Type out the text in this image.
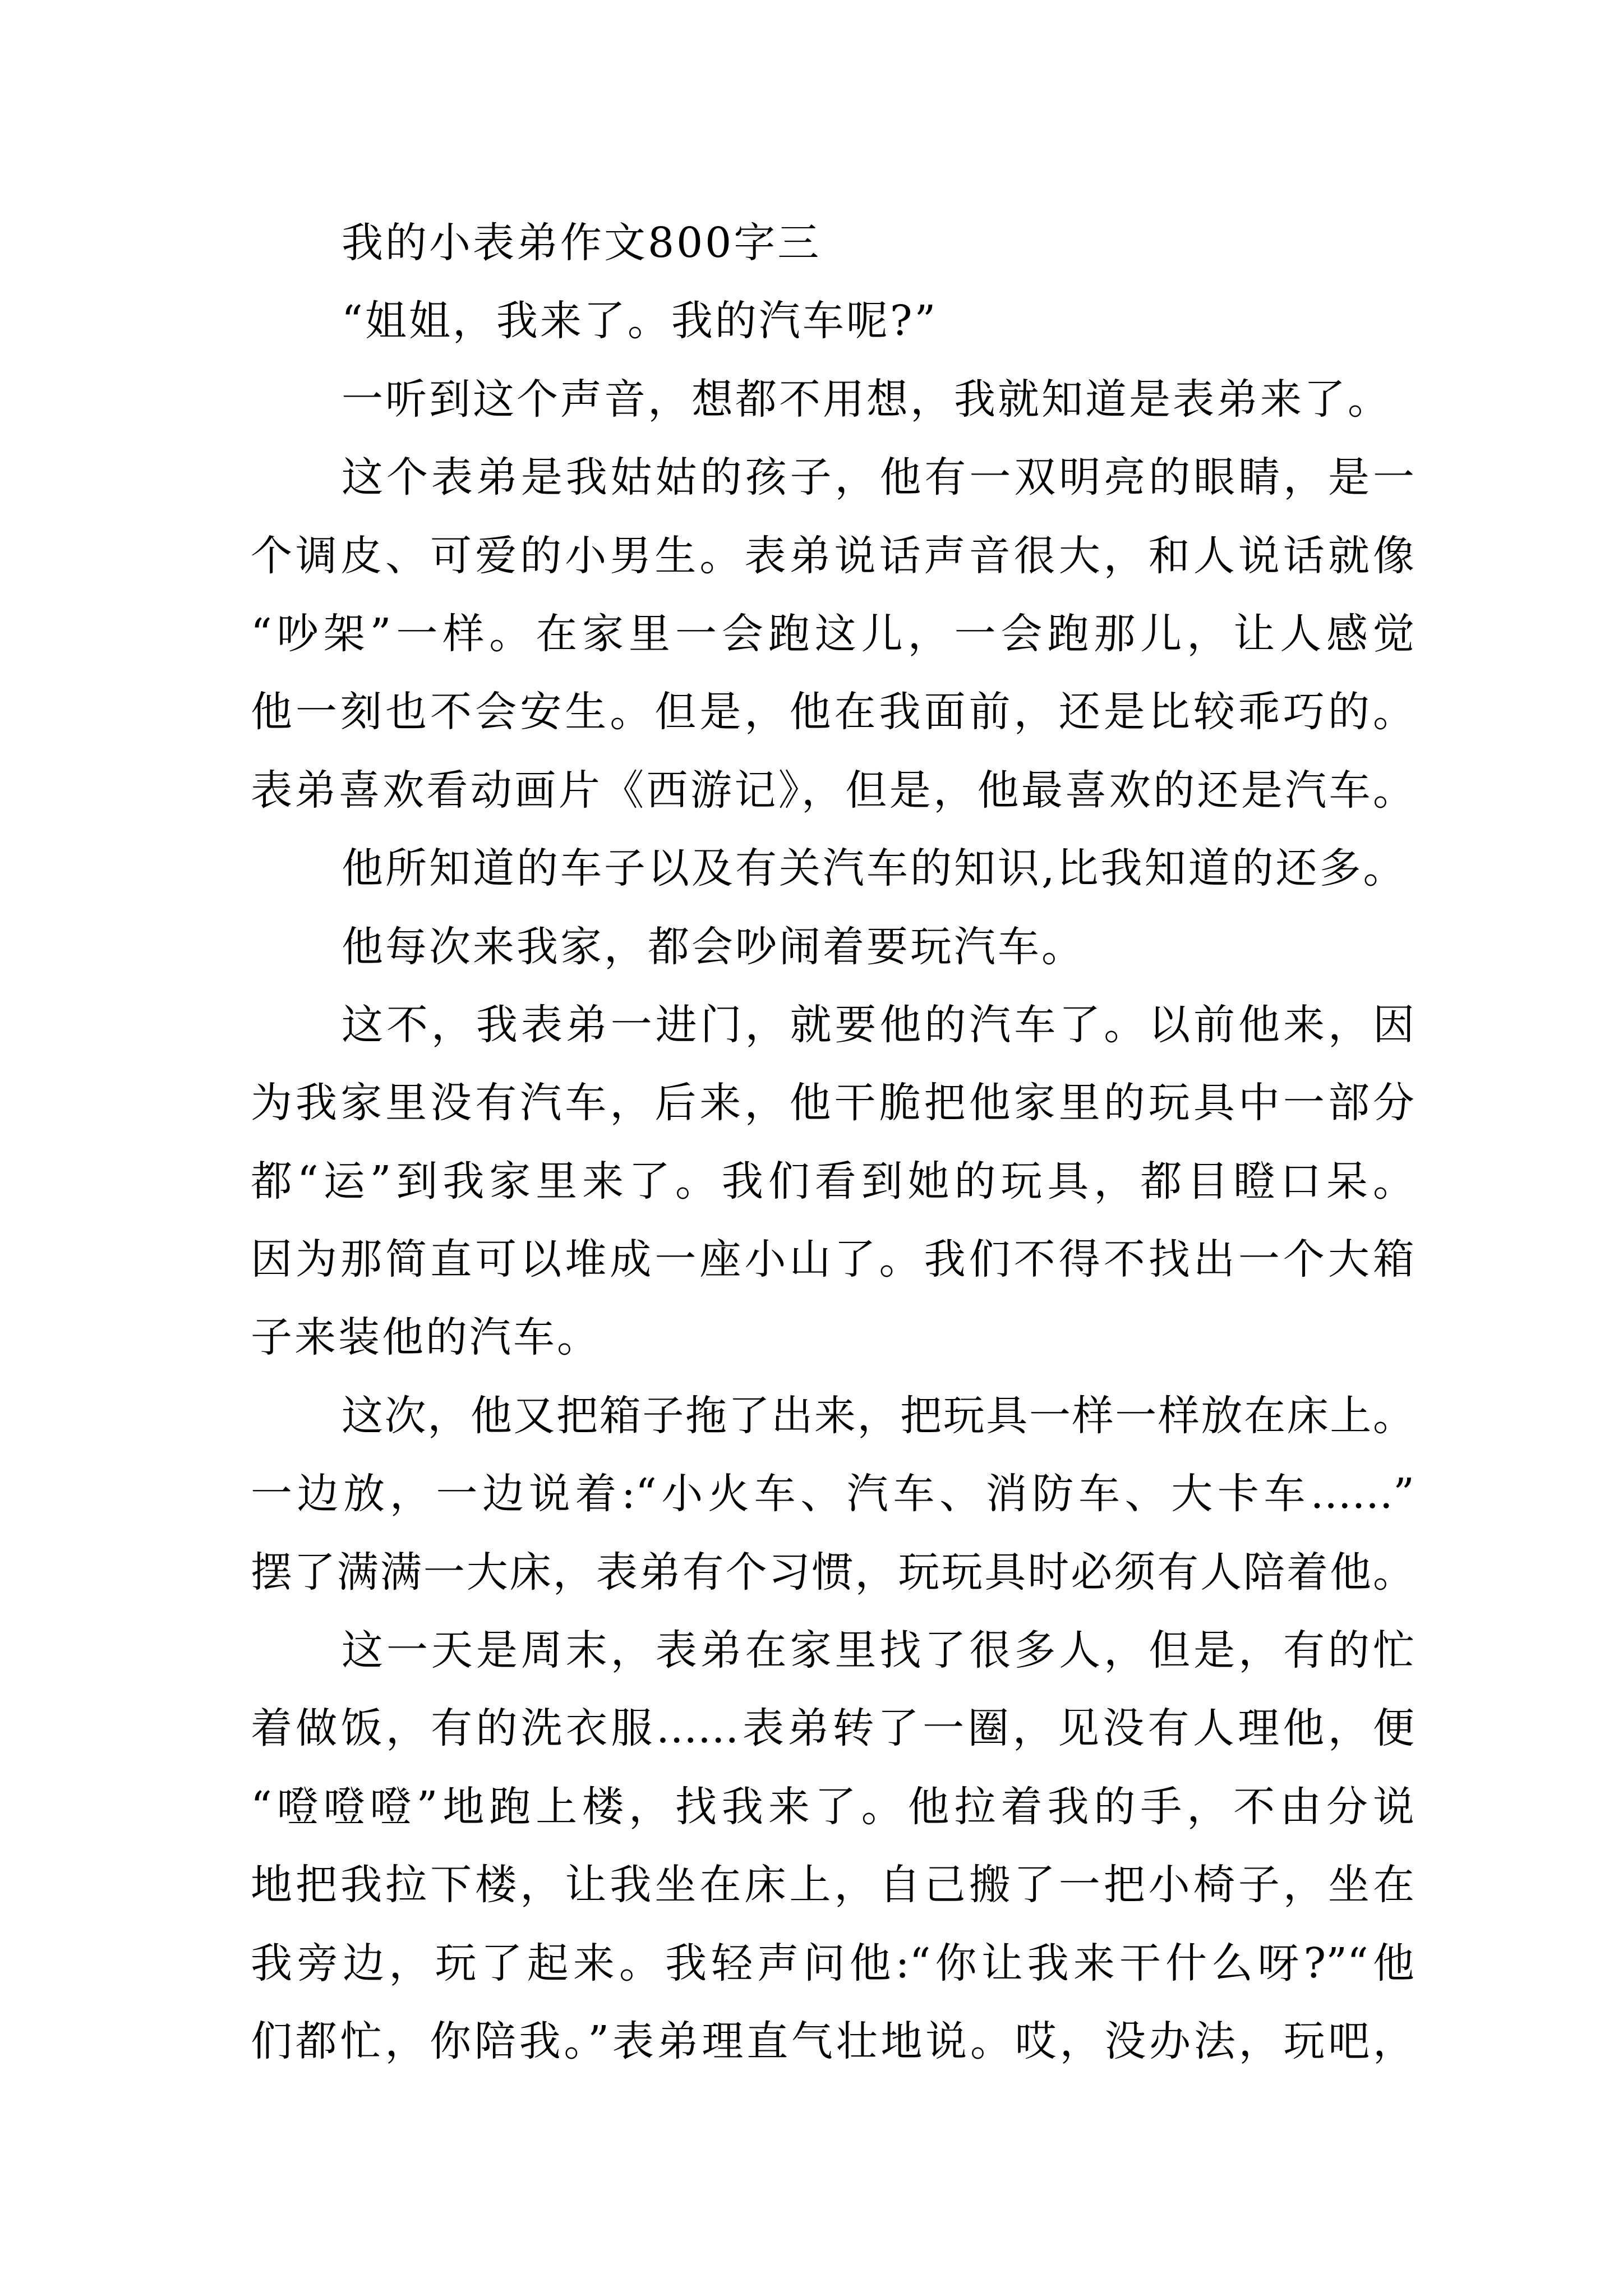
我的小表弟作文800字三
“姐姐，我来了。我的汽车呢?”
一听到这个声音，想都不用想，我就知道是表弟来了。
这个表弟是我姑姑的孩子，他有一双明亮的眼睛，是一
个调皮、可爱的小男生。表弟说话声音很大，和人说话就像
“吵架”一样。在家里一会跑这儿，一会跑那儿，让人感觉
他一刻也不会安生。但是，他在我面前，还是比较乖巧的。
表弟喜欢看动画片《西游记》，但是，他最喜欢的还是汽车。
他所知道的车子以及有关汽车的知识,比我知道的还多。
他每次来我家，都会吵闹着要玩汽车。
这不，我表弟一进门，就要他的汽车了。以前他来，因
为我家里没有汽车，后来，他干脆把他家里的玩具中一部分
都“运”到我家里来了。我们看到她的玩具，都目瞪口呆。
因为那简直可以堆成一座小山了。我们不得不找出一个大箱
子来装他的汽车。
这次，他又把箱子拖了出来，把玩具一样一样放在床上。
一边放，一边说着:“小火车、汽车、消防车、大卡车……”
摆了满满一大床，表弟有个习惯，玩玩具时必须有人陪着他。
这一天是周末，表弟在家里找了很多人，但是，有的忙
着做饭，有的洗衣服……表弟转了一圈，见没有人理他，便
“噔噔噔”地跑上楼，找我来了。他拉着我的手，不由分说
地把我拉下楼，让我坐在床上，自己搬了一把小椅子，坐在
我旁边，玩了起来。我轻声问他:“你让我来干什么呀?”“他
们都忙，你陪我。”表弟理直气壮地说。哎，没办法，玩吧，
